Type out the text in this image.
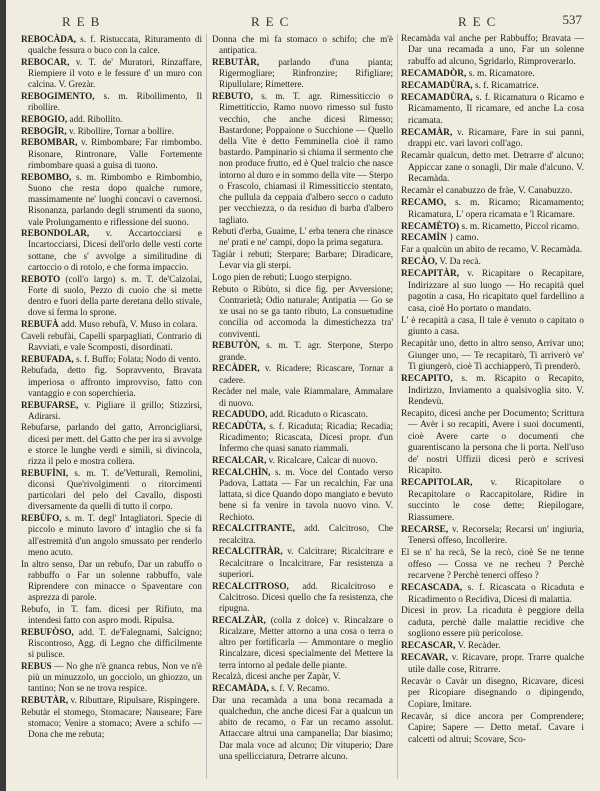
REB	REC	REC	537

REBOCÀDA, s. f. Ristuccata, Rituramento di qualche fessura o buco con la calce.

REBOCAR, v. T. de' Muratori, Rinzaffare, Riempiere il voto e le fessure d' un muro con calcina. V. Grezàr.

REBOGIMENTO, s. m. Ribollimento, Il ribollire.

REBOGIO, add. Ribollito.

REBOGÌR, v. Ribollire, Tornar a bollire.

REBOMBAR, v. Rimbombare; Far rimbombo. Risonare, Rintronare, Valle Fortemente rimbombare quasi a guisa di tuono.

REBOMBO, s. m. Rimbombo e Rimbombio, Suono che resta dopo qualche rumore, massimamente ne' luoghi concavi o cavernosi. Risonanza, parlando degli strumenti da suono, vale Prolungamento e riflessione del suono.

REBONDOLAR, v. Accartocciarsi e Incartocciarsi, Dicesi dell'orlo delle vesti corte sottane, che s' avvolge a similitudine di cartoccio o di rotolo, e che forma impaccio.

REBOTO (coll'o largo) s. m. T. de'Calzolai, Forte di suolo, Pezzo di cuoio che si mette dentro e fuori della parte deretana dello stivale, dove si ferma lo sprone.

REBUFÀ add. Muso rebufà, V. Muso in colara.

Caveli rebufài, Capelli sparpagliati, Contrario di Ravviati, e vale Scomposti, disordinati.

REBUFADA, s. f. Buffo; Folata; Nodo di vento.

Rebufada, detto fig. Sopravvento, Bravata imperiosa o affronto improvviso, fatto con vantaggio e con soperchieria.

REBUFARSE, v. Pigliare il grillo; Stizzirsi, Adirarsi.

Rebufarse, parlando del gatto, Arroncigliarsi, dicesi per mett. del Gatto che per ira si avvolge e storce le lunghe verdi e simili, si divincola, rizza il pelo e mostra collera.

REBUFÌNI, s. m. T. de'Vetturali, Remolini, diconsi Que'rivolgimenti o ritorcimenti particolari del pelo del Cavallo, disposti diversamente da quelli di tutto il corpo.

REBÙFO, s. m. T. degl' Intagliatori. Specie di piccolo e minuto lavoro d' intaglio che si fa all'estremità d'un angolo smussato per renderlo meno acuto.

In altro senso, Dar un rebufo, Dar un rabuffo o rabbuffo o Far un solenne rabbuffo, vale Riprendere con minacce o Spaventare con asprezza di parole.

Rebufo, in T. fam. dicesi per Rifiuto, ma intendesi fatto con aspro modi. Ripulsa.

REBUFÒSO, add. T. de'Falegnami, Salcigno; Riscontroso, Agg. di Legno che difficilmente si pulisce.

REBUS — No ghe n'è gnanca rebus, Non ve n'è più un minuzzolo, un gocciolo, un ghiozzo, un tantino; Non se ne trova respice.

REBUTÀR, v. Ributtare, Ripulsare, Rispingere.

Rebutàr el stomego, Stomacare; Nauseare; Fare stomaco; Venire a stomaco; Avere a schifo — Dona che me rebuta;

Donna che mi fa stomaco o schifo; che m'è antipatica.

REBUTÀR, parlando d'una pianta; Rigermogliare; Rinfronzire; Rifigliare; Ripullulare; Rimettere.

REBUTO, s. m. T. agr. Rimessiticcio o Rimettiticcio, Ramo nuovo rimesso sul fusto vecchio, che anche dicesi Rimesso; Bastardone; Poppaione o Succhione — Quello della Vite è detto Femminella cioè il ramo bastardo. Pampinario si chiama il sermento che non produce frutto, ed è Quel tralcio che nasce intorno al duro e in sommo della vite — Sterpo o Frascolo, chiamasi il Rimessiticcio stentato, che pullula da ceppaia d'albero secco o caduto per vecchiezza, o da residuo di barba d'albero tagliato.

Rebuti d'erba, Guaime, L' erba tenera che rinasce ne' prati e ne' campi, dopo la prima segatura.

Tagiàr i rebuti; Sterpare; Barbare; Diradicare, Levar via gli sterpi.

Logo pien de rebuti; Luogo sterpigno.

Rebuto o Ribùto, si dice fig. per Avversione; Contrarietà; Odio naturale; Antipatia — Go se xe usai no se ga tanto ributo, La consuetudine concilia od accomoda la dimestichezza tra' conviventi.

REBUTÒN, s. m. T. agr. Sterpone, Sterpo grande.

RECÀDER, v. Ricadere; Ricascare, Tornar a cadere.

Recàder nel male, vale Riammalare, Ammalare di nuovo.

RECADUDO, add. Ricaduto o Ricascato.

RECADÙTA, s. f. Ricaduta; Ricadia; Recadia; Ricadimento; Ricascata, Dicesi propr. d'un Infermo che quasi sanato riammali.

RECALCAR, v. Ricalcare, Calcar di nuovo.

RECALCHÌN, s. m. Voce del Contado verso Padova, Lattata — Far un recalchin, Far una lattata, si dice Quando dopo mangiato e bevuto bene si fa venire in tavola nuovo vino. V. Rechioto.

RECALCITRANTE, add. Calcitroso, Che recalcitra.

RECALCITRÀR, v. Calcitrare; Ricalcitrare e Recalcitrare o Incalcitrare, Far resistenza a superiori.

RECALCITROSO, add. Ricalcitroso e Calcitroso. Dicesi quello che fa resistenza, che ripugna.

RECALZÀR, (colla z dolce) v. Rincalzare o Ricalzare, Metter attorno a una cosa o terra o altro per fortificarla — Ammontare o meglio Rincalzare, dicesi specialmente del Mettere la terra intorno al pedale delle piante.

Recalzà, dicesi anche per Zapàr, V.

RECAMÀDA, s. f. V. Recamo.

Dar una recamàda a una bona recamada a qualchedun, che anche dicesi Far a qualcun un abito de recamo, o Far un recamo assolut. Attaccare altrui una campanella; Dar biasimo; Dar mala voce ad alcuno; Dir vituperio; Dare una spellicciatura, Detrarre alcuno.

Recamàda val anche per Rabbuffo; Bravata — Dar una recamada a uno, Far un solenne rabuffo ad alcuno, Sgridarlo, Rimproverarlo.

RECAMADÒR, s. m. Ricamatore.

RECAMADÙRA, s. f. Ricamatrice.

RECAMADÙRA, s. f. Ricamatura o Ricamo e Ricamamento, Il ricamare, ed anche La cosa ricamata.

RECAMÀR, v. Ricamare, Fare in sui panni, drappi etc. vari lavori coll'ago.

Recamàr qualcun, detto met. Detrarre d' alcuno; Appiccar zane o sonagli, Dir male d'alcuno. V. Recamàda.

Recamàr el canabuzzo de fràe, V. Canabuzzo.

RECAMO, s. m. Ricamo; Ricamamento; Ricamatura, L' opera ricamata e 'l Ricamare.

RECAMÈTO) s. m. Ricametto, Piccol ricamo.

RECAMÌN } camo.

Far a qualcùn un abito de recamo, V. Recamàda.

RECÀO, V. Da recà.

RECAPITÀR, v. Ricapitare o Recapitare, Indirizzare al suo luogo — Ho recapità quel pagotin a casa, Ho ricapitato quel fardellino a casa, cioè Ho portato o mandato.

L' è recapità a casa, Il tale è venuto o capitato o giunto a casa.

Recapitàr uno, detto in altro senso, Arrivar uno; Giunger uno, — Te recapitarò, Ti arriverò ve' Ti giungerò, cioè Ti acchiapperò, Ti prenderò.

RECAPITO, s. m. Ricapito o Recapito, Indirizzo, Inviamento a qualsivoglia sito. V. Rendevù.

Recapito, dicesi anche per Documento; Scrittura — Avèr i so recapiti, Avere i suoi documenti, cioè Avere carte o documenti che guarentiscano la persona che li porta. Nell'uso de' nostri Uffizii dicesi però e scrivesi Ricapito.

RECAPITOLAR, v. Ricapitolare o Recapitolare o Raccapitolare, Ridire in succinto le cose dette; Riepilogare, Riassumere.

RECARSE, v. Recorsela; Recarsi un' ingiuria, Tenersi offeso, Incollerire.

El se n' ha recà, Se la recò, cioè Se ne tenne offeso — Cossa ve ne recheu ? Perchè recarvene ? Perchè tenerci offeso ?

RECASCADA, s. f. Ricascata o Ricaduta e Ricadimento o Recidiva, Dicesi di malattia.

Dicesi in prov. La ricaduta è peggiore della caduta, perchè dalle malattie recidive che sogliono essere più pericolose.

RECASCAR, V. Recàder.

RECAVAR, v. Ricavare, propr. Trarre qualche utile dalle cose, Ritrarre.

Recavàr o Cavàr un disegno, Ricavare, dicesi per Ricopiare disegnando o dipingendo, Copiare, Imitare.

Recavàr, si dice ancora per Comprendere; Capire; Sapere — Detto metaf. Cavare i calcetti od altrui; Scovare, Sco-
